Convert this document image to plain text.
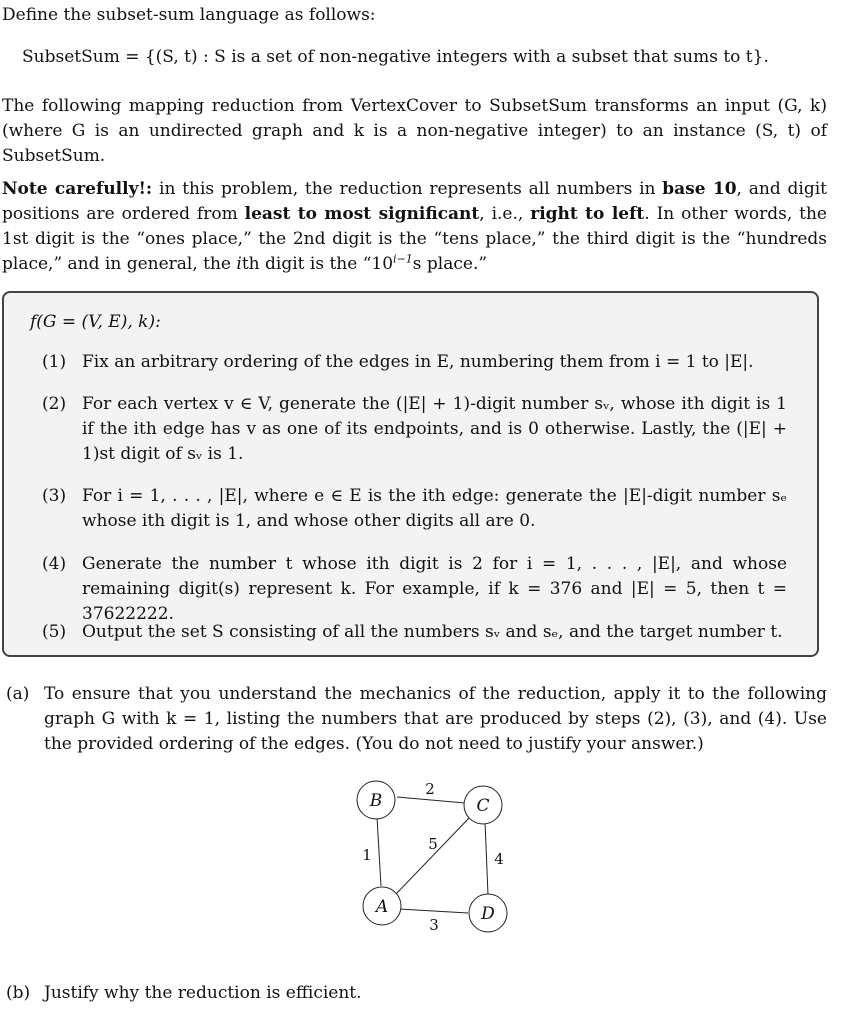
Define the subset-sum language as follows:
SubsetSum = {(S, t) : S is a set of non-negative integers with a subset that sums to t}.
The following mapping reduction from VertexCover to SubsetSum transforms an input (G, k) (where G is an undirected graph and k is a non-negative integer) to an instance (S, t) of SubsetSum.
Note carefully!: in this problem, the reduction represents all numbers in base 10, and digit positions are ordered from least to most significant, i.e., right to left. In other words, the 1st digit is the “ones place,” the 2nd digit is the “tens place,” the third digit is the “hundreds place,” and in general, the ith digit is the “$10^{i-1}s$ place.”
f(G = (V, E), k):
(1) Fix an arbitrary ordering of the edges in E, numbering them from i = 1 to |E|.
(2) For each vertex v ∈ V, generate the (|E| + 1)-digit number sᵥ, whose ith digit is 1 if the ith edge has v as one of its endpoints, and is 0 otherwise. Lastly, the (|E| + 1)st digit of sᵥ is 1.
(3) For i = 1, . . . , |E|, where e ∈ E is the ith edge: generate the |E|-digit number sₑ whose ith digit is 1, and whose other digits all are 0.
(4) Generate the number t whose ith digit is 2 for i = 1, . . . , |E|, and whose remaining digit(s) represent k. For example, if k = 376 and |E| = 5, then t = 37622222.
(5) Output the set S consisting of all the numbers sᵥ and sₑ, and the target number t.
(a) To ensure that you understand the mechanics of the reduction, apply it to the following graph G with k = 1, listing the numbers that are produced by steps (2), (3), and (4). Use the provided ordering of the edges. (You do not need to justify your answer.)
B	C
A	D
1
2
3
4
5
(b) Justify why the reduction is efficient.
